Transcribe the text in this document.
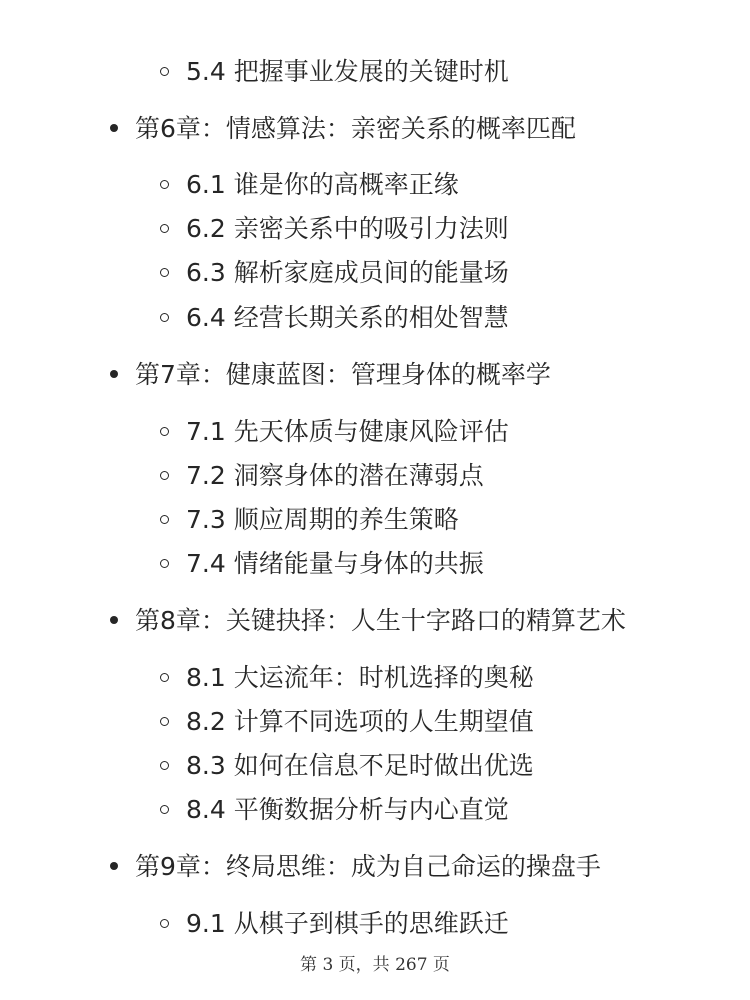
5.4 把握事业发展的关键时机
第6章：情感算法：亲密关系的概率匹配
6.1 谁是你的高概率正缘
6.2 亲密关系中的吸引力法则
6.3 解析家庭成员间的能量场
6.4 经营长期关系的相处智慧
第7章：健康蓝图：管理身体的概率学
7.1 先天体质与健康风险评估
7.2 洞察身体的潜在薄弱点
7.3 顺应周期的养生策略
7.4 情绪能量与身体的共振
第8章：关键抉择：人生十字路口的精算艺术
8.1 大运流年：时机选择的奥秘
8.2 计算不同选项的人生期望值
8.3 如何在信息不足时做出优选
8.4 平衡数据分析与内心直觉
第9章：终局思维：成为自己命运的操盘手
9.1 从棋子到棋手的思维跃迁
第 3 页，共 267 页
